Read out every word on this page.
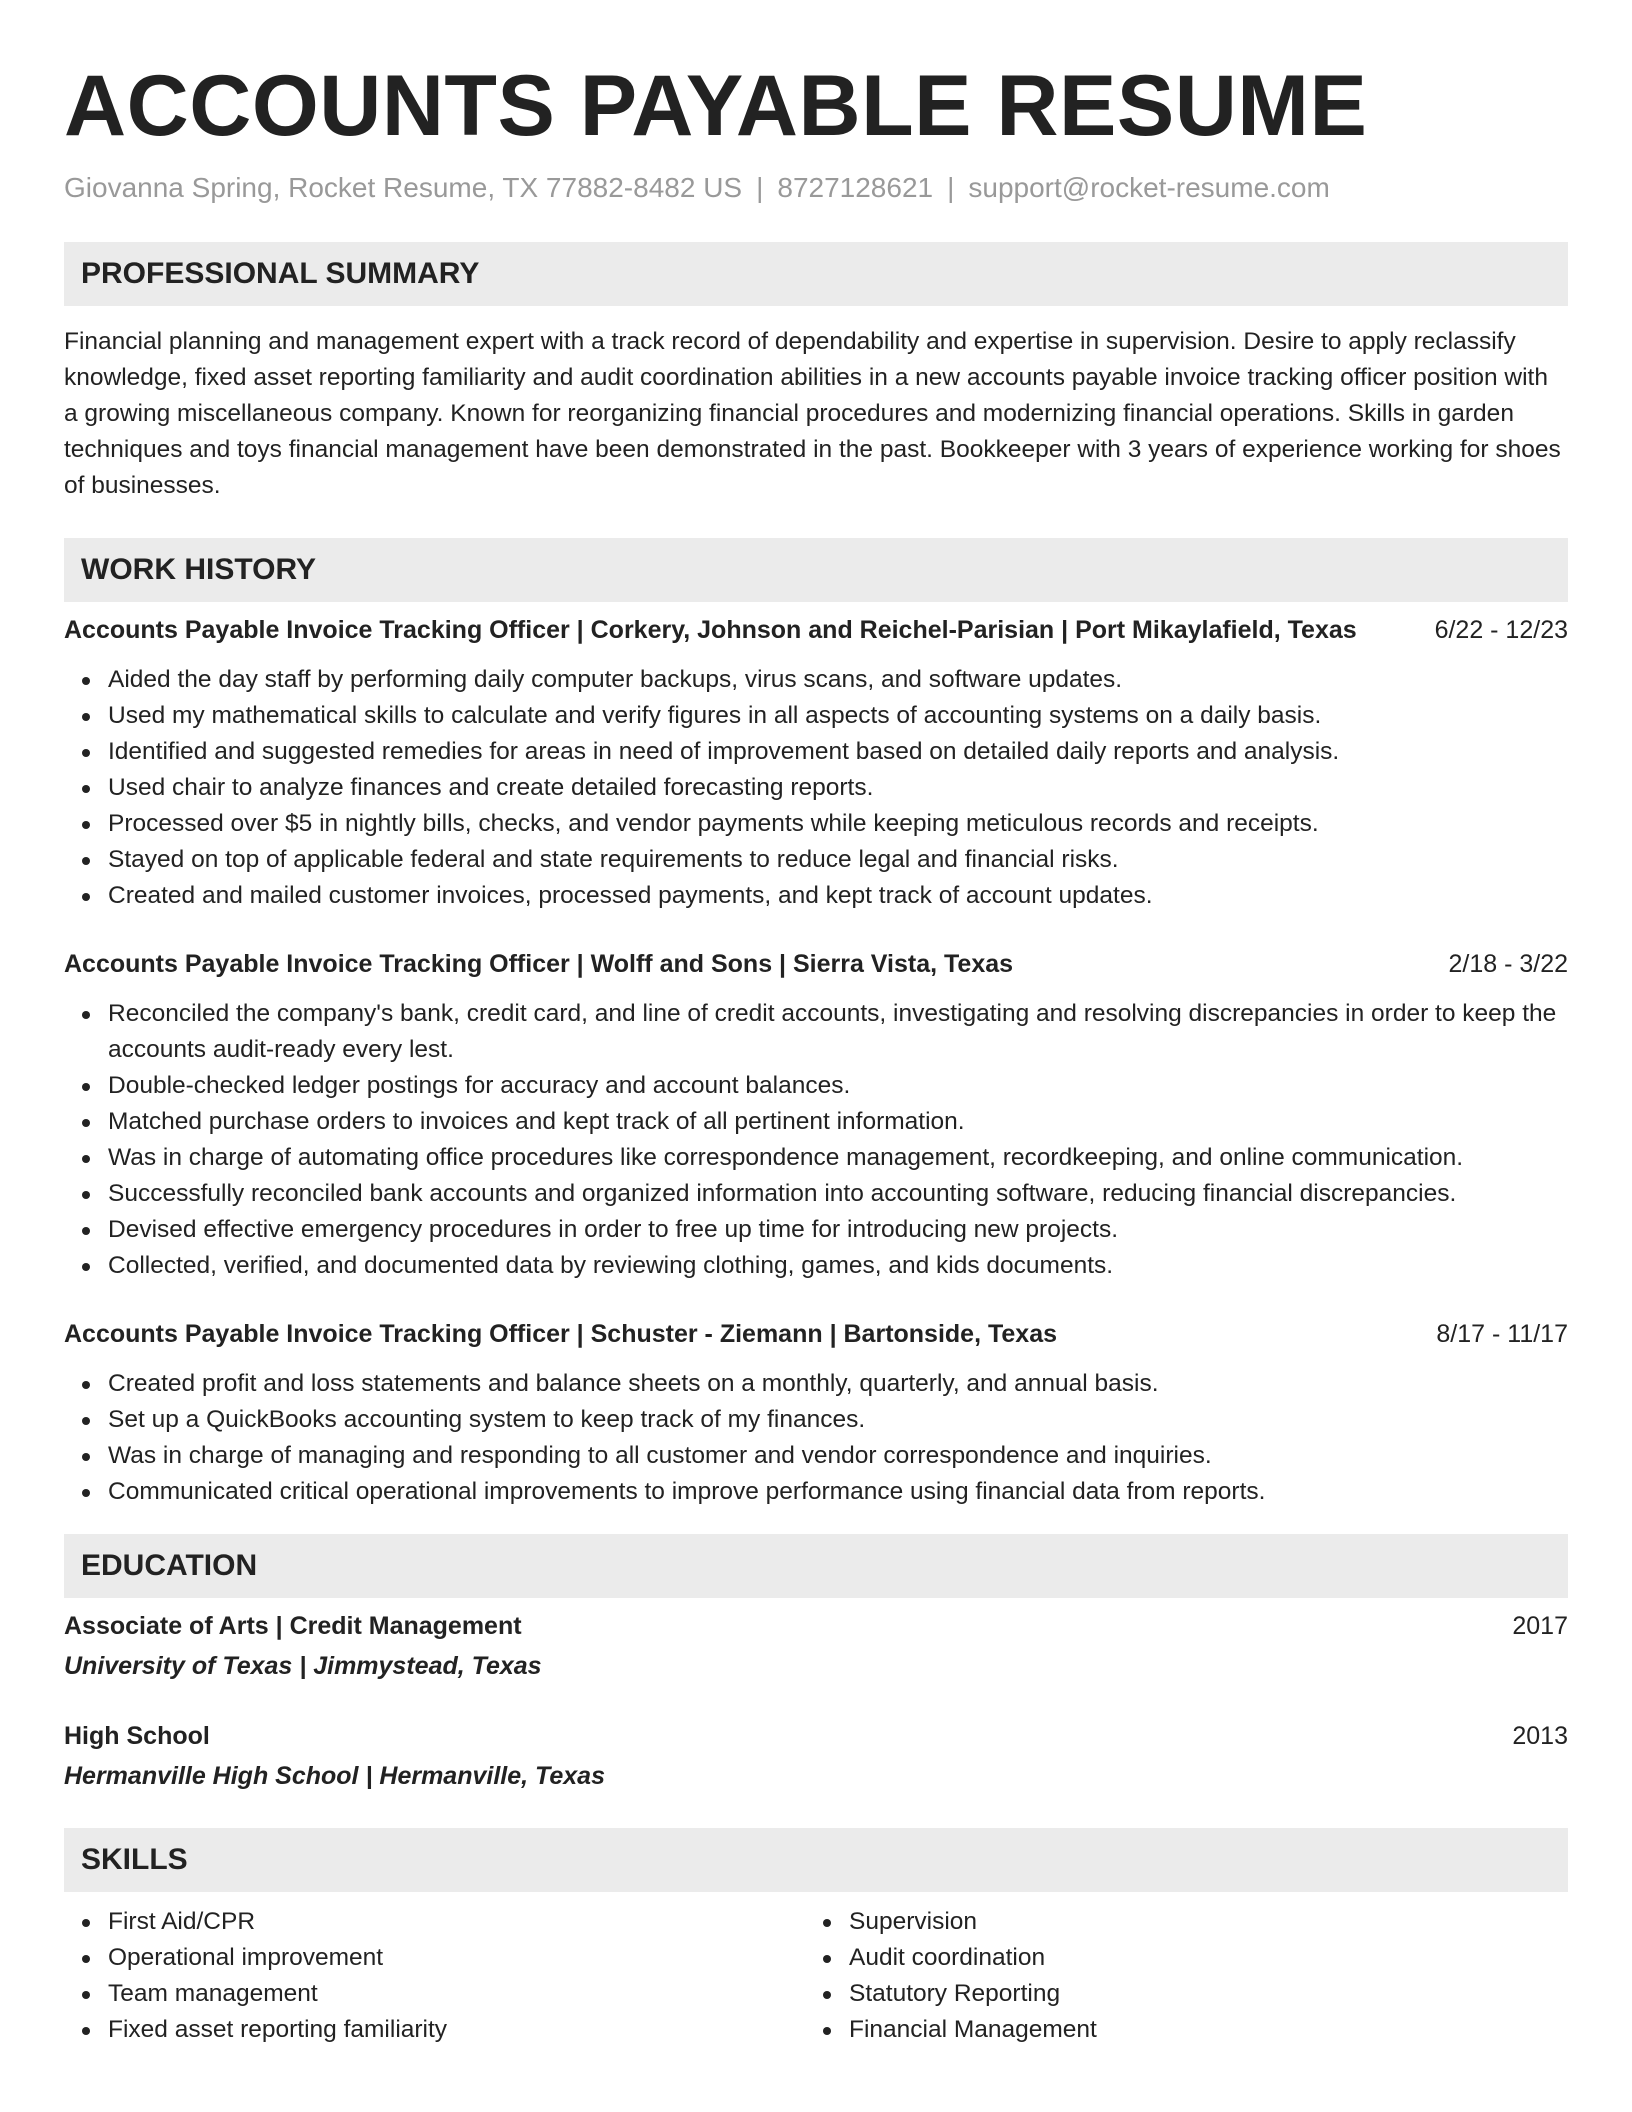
ACCOUNTS PAYABLE RESUME
Giovanna Spring, Rocket Resume, TX 77882-8482 US | 8727128621 | support@rocket-resume.com
PROFESSIONAL SUMMARY

Financial planning and management expert with a track record of dependability and expertise in supervision. Desire to apply reclassify knowledge, fixed asset reporting familiarity and audit coordination abilities in a new accounts payable invoice tracking officer position with a growing miscellaneous company. Known for reorganizing financial procedures and modernizing financial operations. Skills in garden techniques and toys financial management have been demonstrated in the past. Bookkeeper with 3 years of experience working for shoes of businesses.

WORK HISTORY
Accounts Payable Invoice Tracking Officer | Corkery, Johnson and Reichel-Parisian | Port Mikaylafield, Texas	6/22 - 12/23
Aided the day staff by performing daily computer backups, virus scans, and software updates.
Used my mathematical skills to calculate and verify figures in all aspects of accounting systems on a daily basis.
Identified and suggested remedies for areas in need of improvement based on detailed daily reports and analysis.
Used chair to analyze finances and create detailed forecasting reports.
Processed over $5 in nightly bills, checks, and vendor payments while keeping meticulous records and receipts.
Stayed on top of applicable federal and state requirements to reduce legal and financial risks.
Created and mailed customer invoices, processed payments, and kept track of account updates.
Accounts Payable Invoice Tracking Officer | Wolff and Sons | Sierra Vista, Texas	2/18 - 3/22
Reconciled the company's bank, credit card, and line of credit accounts, investigating and resolving discrepancies in order to keep the accounts audit-ready every lest.
Double-checked ledger postings for accuracy and account balances.
Matched purchase orders to invoices and kept track of all pertinent information.
Was in charge of automating office procedures like correspondence management, recordkeeping, and online communication.
Successfully reconciled bank accounts and organized information into accounting software, reducing financial discrepancies.
Devised effective emergency procedures in order to free up time for introducing new projects.
Collected, verified, and documented data by reviewing clothing, games, and kids documents.
Accounts Payable Invoice Tracking Officer | Schuster - Ziemann | Bartonside, Texas	8/17 - 11/17
Created profit and loss statements and balance sheets on a monthly, quarterly, and annual basis.
Set up a QuickBooks accounting system to keep track of my finances.
Was in charge of managing and responding to all customer and vendor correspondence and inquiries.
Communicated critical operational improvements to improve performance using financial data from reports.
EDUCATION
Associate of Arts | Credit Management	2017
University of Texas | Jimmystead, Texas
High School	2013
Hermanville High School | Hermanville, Texas
SKILLS
First Aid/CPR
Operational improvement
Team management
Fixed asset reporting familiarity
Supervision
Audit coordination
Statutory Reporting
Financial Management
